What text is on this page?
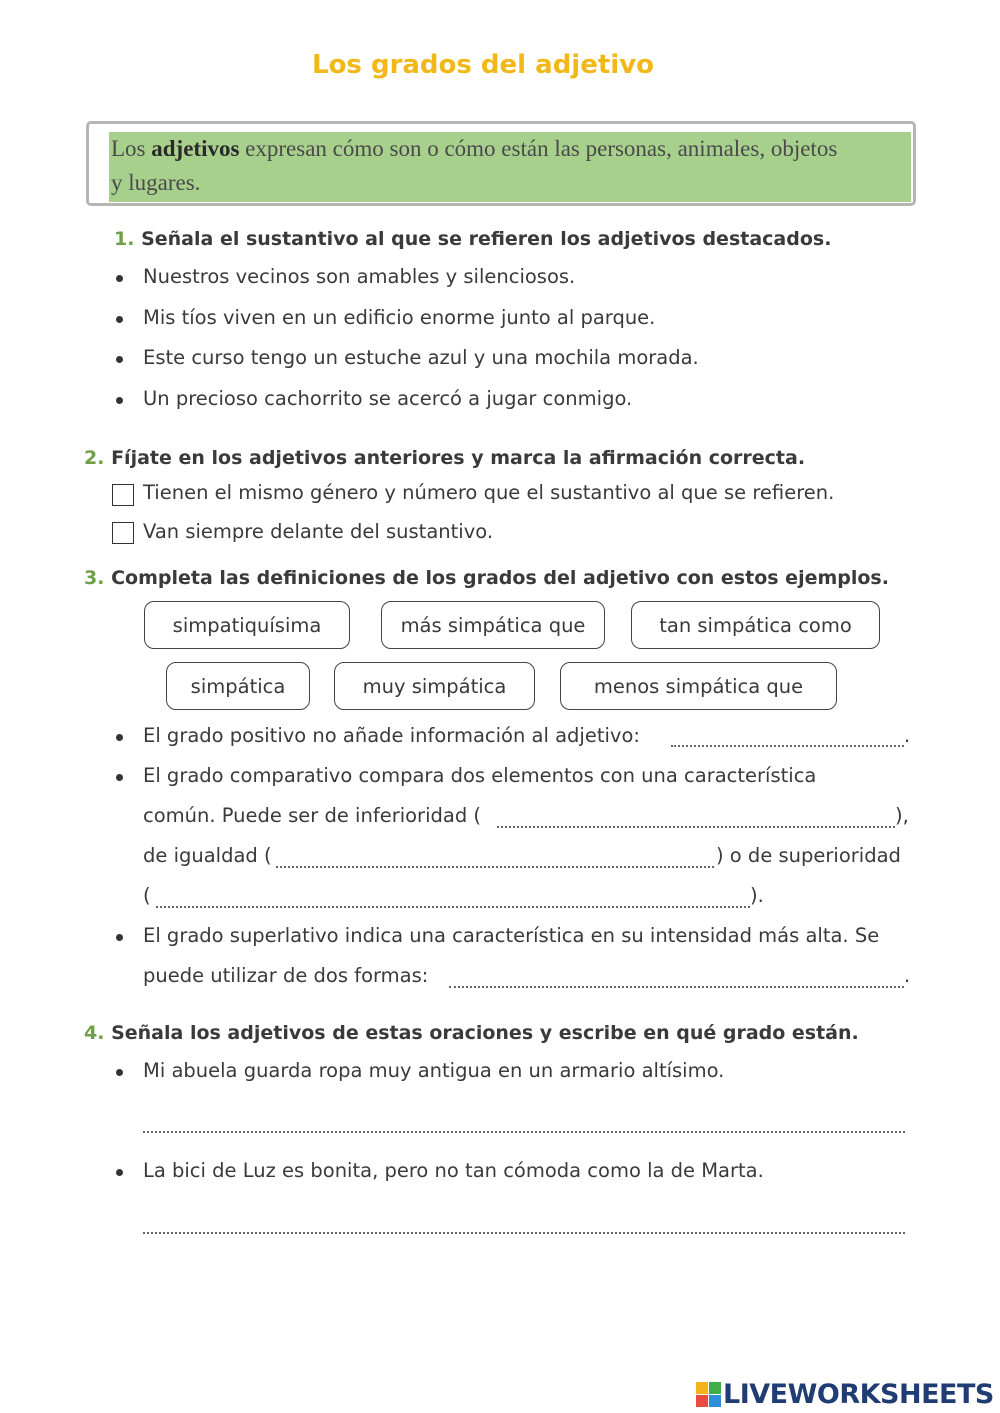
Los grados del adjetivo
Los adjetivos expresan cómo son o cómo están las personas, animales, objetos
y lugares.
1. Señala el sustantivo al que se refieren los adjetivos destacados.
Nuestros vecinos son amables y silenciosos.
Mis tíos viven en un edificio enorme junto al parque.
Este curso tengo un estuche azul y una mochila morada.
Un precioso cachorrito se acercó a jugar conmigo.
2. Fíjate en los adjetivos anteriores y marca la afirmación correcta.
Tienen el mismo género y número que el sustantivo al que se refieren.
Van siempre delante del sustantivo.
3. Completa las definiciones de los grados del adjetivo con estos ejemplos.
simpatiquísima	más simpática que	tan simpática como
simpática	muy simpática	menos simpática que
El grado positivo no añade información al adjetivo:	.
El grado comparativo compara dos elementos con una característica
común. Puede ser de inferioridad (	),
de igualdad (	) o de superioridad
(	).
El grado superlativo indica una característica en su intensidad más alta. Se
puede utilizar de dos formas:	.
4. Señala los adjetivos de estas oraciones y escribe en qué grado están.
Mi abuela guarda ropa muy antigua en un armario altísimo.
La bici de Luz es bonita, pero no tan cómoda como la de Marta.
LIVEWORKSHEETS
